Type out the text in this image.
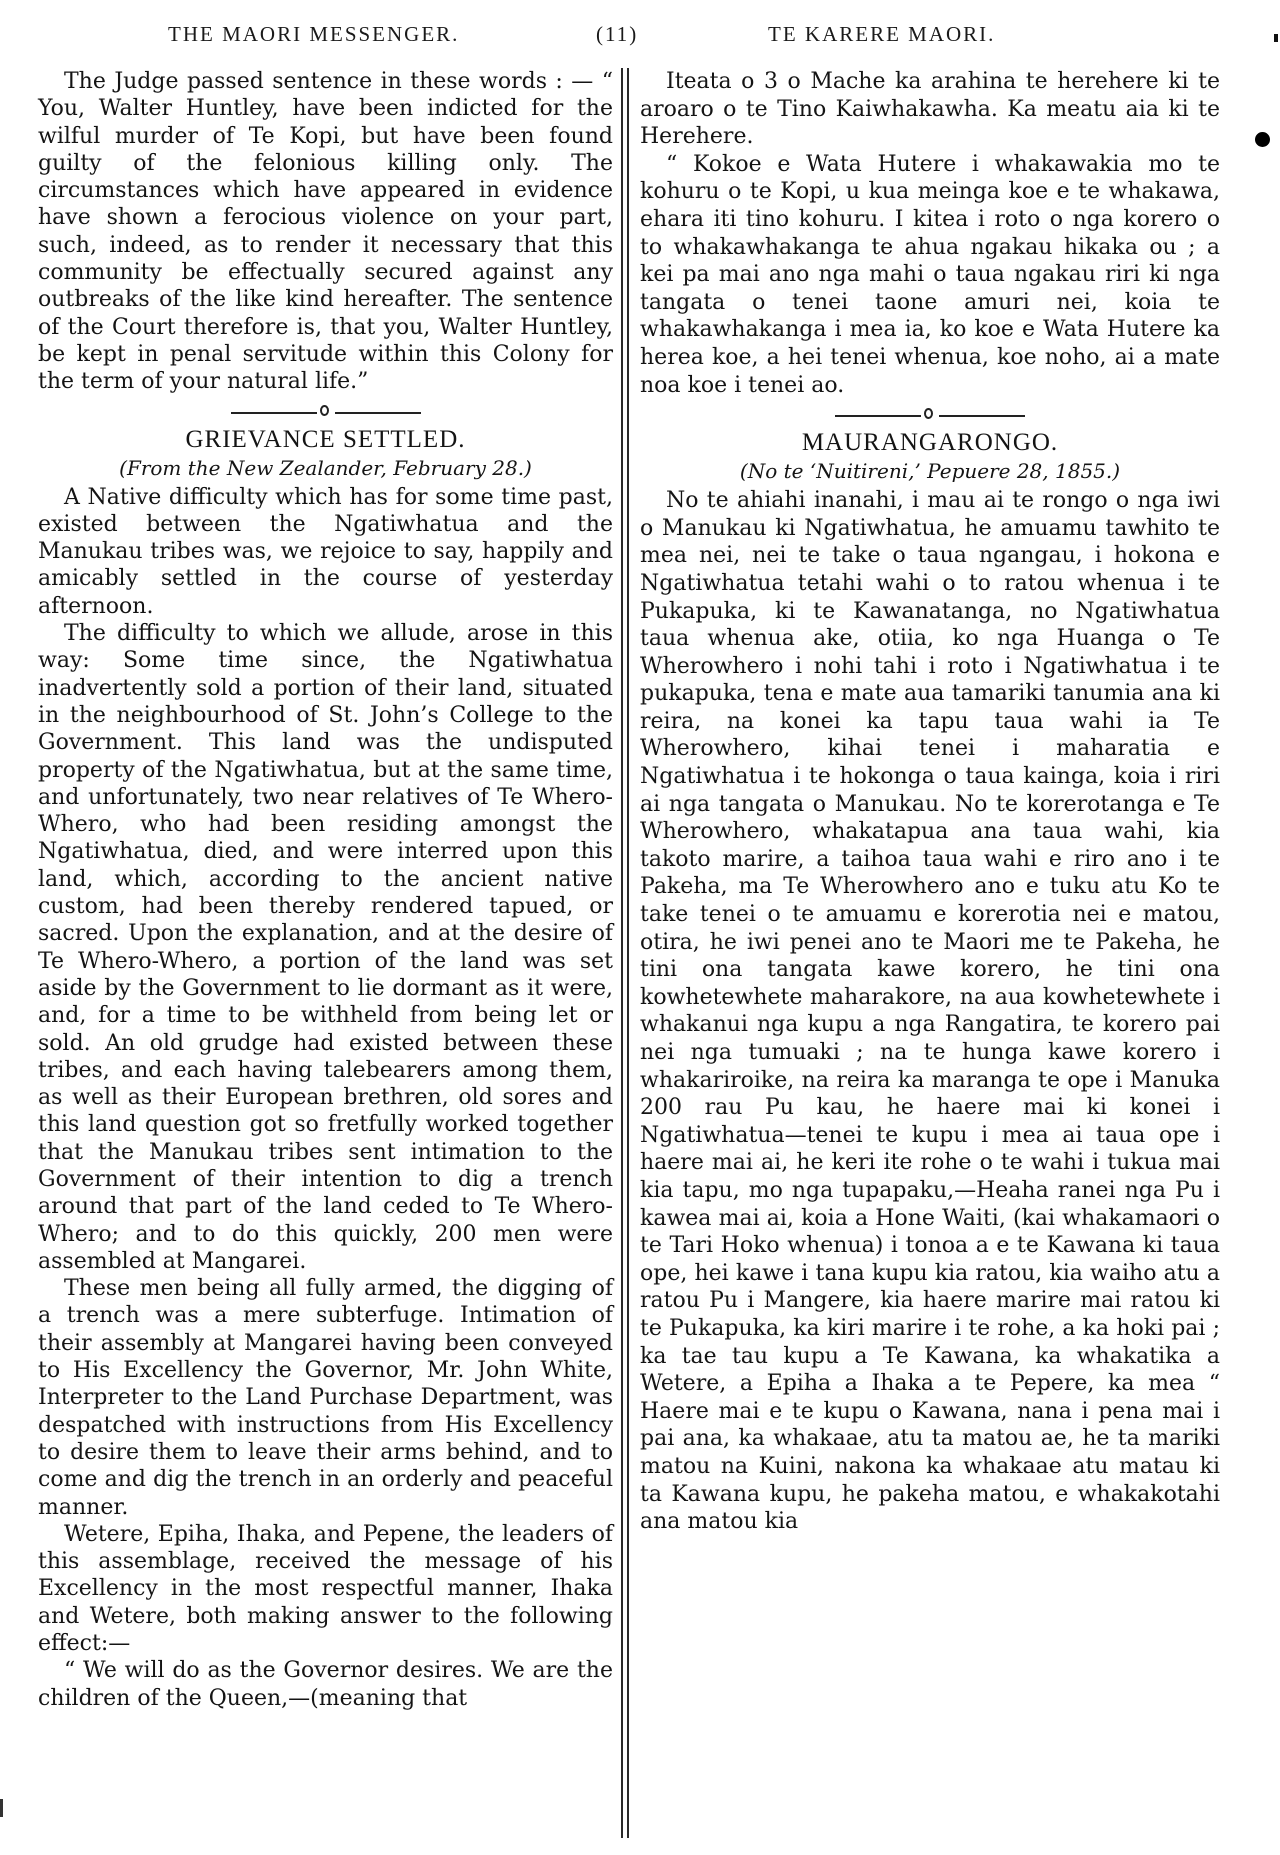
THE MAORI MESSENGER.	(11)	TE KARERE MAORI.

The Judge passed sentence in these words : — “ You, Walter Huntley, have been indicted for the wilful murder of Te Kopi, but have been found guilty of the felonious killing only. The circumstances which have appeared in evidence have shown a ferocious violence on your part, such, indeed, as to render it necessary that this community be effectually secured against any outbreaks of the like kind hereafter. The sentence of the Court therefore is, that you, Walter Huntley, be kept in penal servitude within this Colony for the term of your natural life.”

GRIEVANCE SETTLED.
(From the New Zealander, February 28.)

A Native difficulty which has for some time past, existed between the Ngatiwhatua and the Manukau tribes was, we rejoice to say, happily and amicably settled in the course of yesterday afternoon.

The difficulty to which we allude, arose in this way: Some time since, the Ngatiwhatua inadvertently sold a portion of their land, situated in the neighbourhood of St. John’s College to the Government. This land was the undisputed property of the Ngatiwhatua, but at the same time, and unfortunately, two near relatives of Te Whero-Whero, who had been residing amongst the Ngatiwhatua, died, and were interred upon this land, which, according to the ancient native custom, had been thereby rendered tapued, or sacred. Upon the explanation, and at the desire of Te Whero-Whero, a portion of the land was set aside by the Government to lie dormant as it were, and, for a time to be withheld from being let or sold. An old grudge had existed between these tribes, and each having talebearers among them, as well as their European brethren, old sores and this land question got so fretfully worked together that the Manukau tribes sent intimation to the Government of their intention to dig a trench around that part of the land ceded to Te Whero-Whero; and to do this quickly, 200 men were assembled at Mangarei.

These men being all fully armed, the digging of a trench was a mere subterfuge. Intimation of their assembly at Mangarei having been conveyed to His Excellency the Governor, Mr. John White, Interpreter to the Land Purchase Department, was despatched with instructions from His Excellency to desire them to leave their arms behind, and to come and dig the trench in an orderly and peaceful manner.

Wetere, Epiha, Ihaka, and Pepene, the leaders of this assemblage, received the message of his Excellency in the most respectful manner, Ihaka and Wetere, both making answer to the following effect:—

“ We will do as the Governor desires. We are the children of the Queen,—(meaning that

Iteata o 3 o Mache ka arahina te herehere ki te aroaro o te Tino Kaiwhakawha. Ka meatu aia ki te Herehere.

“ Kokoe e Wata Hutere i whakawakia mo te kohuru o te Kopi, u kua meinga koe e te whakawa, ehara iti tino kohuru. I kitea i roto o nga korero o to whakawhakanga te ahua ngakau hikaka ou ; a kei pa mai ano nga mahi o taua ngakau riri ki nga tangata o tenei taone amuri nei, koia te whakawhakanga i mea ia, ko koe e Wata Hutere ka herea koe, a hei tenei whenua, koe noho, ai a mate noa koe i tenei ao.

MAURANGARONGO.
(No te ‘Nuitireni,’ Pepuere 28, 1855.)

No te ahiahi inanahi, i mau ai te rongo o nga iwi o Manukau ki Ngatiwhatua, he amuamu tawhito te mea nei, nei te take o taua ngangau, i hokona e Ngatiwhatua tetahi wahi o to ratou whenua i te Pukapuka, ki te Kawanatanga, no Ngatiwhatua taua whenua ake, otiia, ko nga Huanga o Te Wherowhero i nohi tahi i roto i Ngatiwhatua i te pukapuka, tena e mate aua tamariki tanumia ana ki reira, na konei ka tapu taua wahi ia Te Wherowhero, kihai tenei i maharatia e Ngatiwhatua i te hokonga o taua kainga, koia i riri ai nga tangata o Manukau. No te korerotanga e Te Wherowhero, whakatapua ana taua wahi, kia takoto marire, a taihoa taua wahi e riro ano i te Pakeha, ma Te Wherowhero ano e tuku atu Ko te take tenei o te amuamu e korerotia nei e matou, otira, he iwi penei ano te Maori me te Pakeha, he tini ona tangata kawe korero, he tini ona kowhetewhete maharakore, na aua kowhetewhete i whakanui nga kupu a nga Rangatira, te korero pai nei nga tumuaki ; na te hunga kawe korero i whakariroike, na reira ka maranga te ope i Manuka 200 rau Pu kau, he haere mai ki konei i Ngatiwhatua—tenei te kupu i mea ai taua ope i haere mai ai, he keri ite rohe o te wahi i tukua mai kia tapu, mo nga tupapaku,—Heaha ranei nga Pu i kawea mai ai, koia a Hone Waiti, (kai whakamaori o te Tari Hoko whenua) i tonoa a e te Kawana ki taua ope, hei kawe i tana kupu kia ratou, kia waiho atu a ratou Pu i Mangere, kia haere marire mai ratou ki te Pukapuka, ka kiri marire i te rohe, a ka hoki pai ; ka tae tau kupu a Te Kawana, ka whakatika a Wetere, a Epiha a Ihaka a te Pepere, ka mea “ Haere mai e te kupu o Kawana, nana i pena mai i pai ana, ka whakaae, atu ta matou ae, he ta mariki matou na Kuini, nakona ka whakaae atu matau ki ta Kawana kupu, he pakeha matou, e whakakotahi ana matou kia
